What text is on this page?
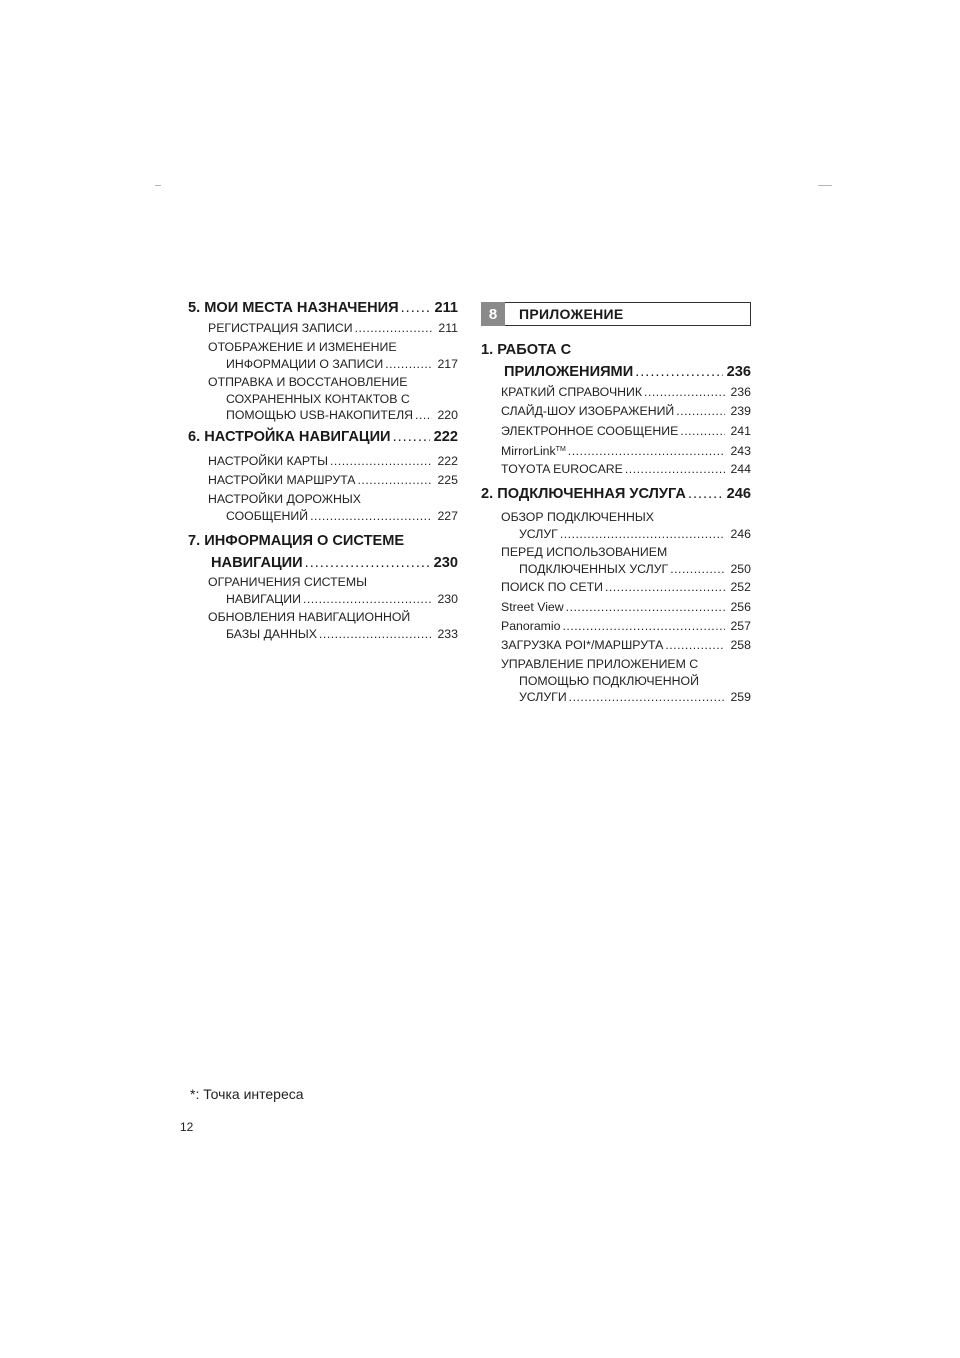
5. МОИ МЕСТА НАЗНАЧЕНИЯ ..... 211
РЕГИСТРАЦИЯ ЗАПИСИ .....	211
ОТОБРАЖЕНИЕ И ИЗМЕНЕНИЕ
ИНФОРМАЦИИ О ЗАПИСИ .....	217
ОТПРАВКА И ВОССТАНОВЛЕНИЕ
СОХРАНЕННЫХ КОНТАКТОВ С
ПОМОЩЬЮ USB-НАКОПИТЕЛЯ ..... 220
6. НАСТРОЙКА НАВИГАЦИИ .....	222
НАСТРОЙКИ КАРТЫ .....	222
НАСТРОЙКИ МАРШРУТА .....	225
НАСТРОЙКИ ДОРОЖНЫХ
СООБЩЕНИЙ .....	227
7. ИНФОРМАЦИЯ О СИСТЕМЕ
НАВИГАЦИИ .....	230
ОГРАНИЧЕНИЯ СИСТЕМЫ
НАВИГАЦИИ .....	230
ОБНОВЛЕНИЯ НАВИГАЦИОННОЙ
БАЗЫ ДАННЫХ .....	233
8	ПРИЛОЖЕНИЕ
1. РАБОТА С
ПРИЛОЖЕНИЯМИ .....	236
КРАТКИЙ СПРАВОЧНИК .....	236
СЛАЙД-ШОУ ИЗОБРАЖЕНИЙ .....	239
ЭЛЕКТРОННОЕ СООБЩЕНИЕ .....	241
MirrorLink™ .....	243
TOYOTA EUROCARE .....	244
2. ПОДКЛЮЧЕННАЯ УСЛУГА .....	246
ОБЗОР ПОДКЛЮЧЕННЫХ
УСЛУГ .....	246
ПЕРЕД ИСПОЛЬЗОВАНИЕМ
ПОДКЛЮЧЕННЫХ УСЛУГ .....	250
ПОИСК ПО СЕТИ .....	252
Street View .....	256
Panoramio .....	257
ЗАГРУЗКА POI*/МАРШРУТА .....	258
УПРАВЛЕНИЕ ПРИЛОЖЕНИЕМ С
ПОМОЩЬЮ ПОДКЛЮЧЕННОЙ
УСЛУГИ .....	259
*: Точка интереса
12
